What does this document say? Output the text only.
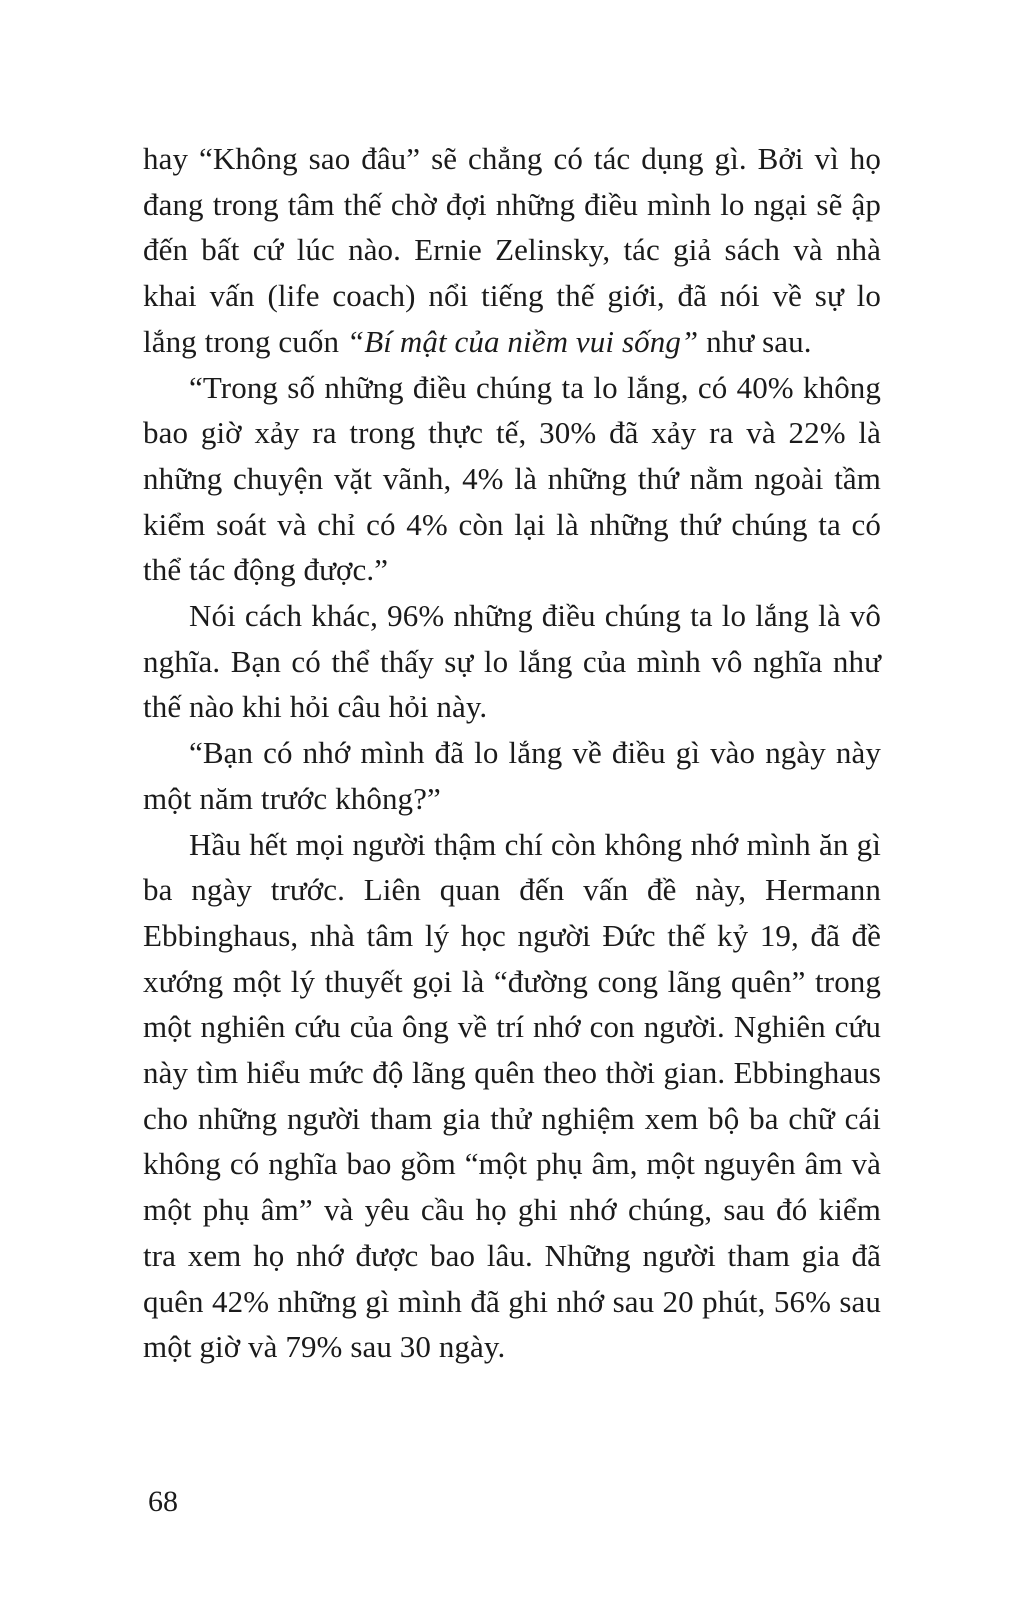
hay “Không sao đâu” sẽ chẳng có tác dụng gì. Bởi vì họ đang trong tâm thế chờ đợi những điều mình lo ngại sẽ ập đến bất cứ lúc nào. Ernie Zelinsky, tác giả sách và nhà khai vấn (life coach) nổi tiếng thế giới, đã nói về sự lo lắng trong cuốn “Bí mật của niềm vui sống” như sau.

“Trong số những điều chúng ta lo lắng, có 40% không bao giờ xảy ra trong thực tế, 30% đã xảy ra và 22% là những chuyện vặt vãnh, 4% là những thứ nằm ngoài tầm kiểm soát và chỉ có 4% còn lại là những thứ chúng ta có thể tác động được.”

Nói cách khác, 96% những điều chúng ta lo lắng là vô nghĩa. Bạn có thể thấy sự lo lắng của mình vô nghĩa như thế nào khi hỏi câu hỏi này.

“Bạn có nhớ mình đã lo lắng về điều gì vào ngày này một năm trước không?”

Hầu hết mọi người thậm chí còn không nhớ mình ăn gì ba ngày trước. Liên quan đến vấn đề này, Hermann Ebbinghaus, nhà tâm lý học người Đức thế kỷ 19, đã đề xướng một lý thuyết gọi là “đường cong lãng quên” trong một nghiên cứu của ông về trí nhớ con người. Nghiên cứu này tìm hiểu mức độ lãng quên theo thời gian. Ebbinghaus cho những người tham gia thử nghiệm xem bộ ba chữ cái không có nghĩa bao gồm “một phụ âm, một nguyên âm và một phụ âm” và yêu cầu họ ghi nhớ chúng, sau đó kiểm tra xem họ nhớ được bao lâu. Những người tham gia đã quên 42% những gì mình đã ghi nhớ sau 20 phút, 56% sau một giờ và 79% sau 30 ngày.

68
